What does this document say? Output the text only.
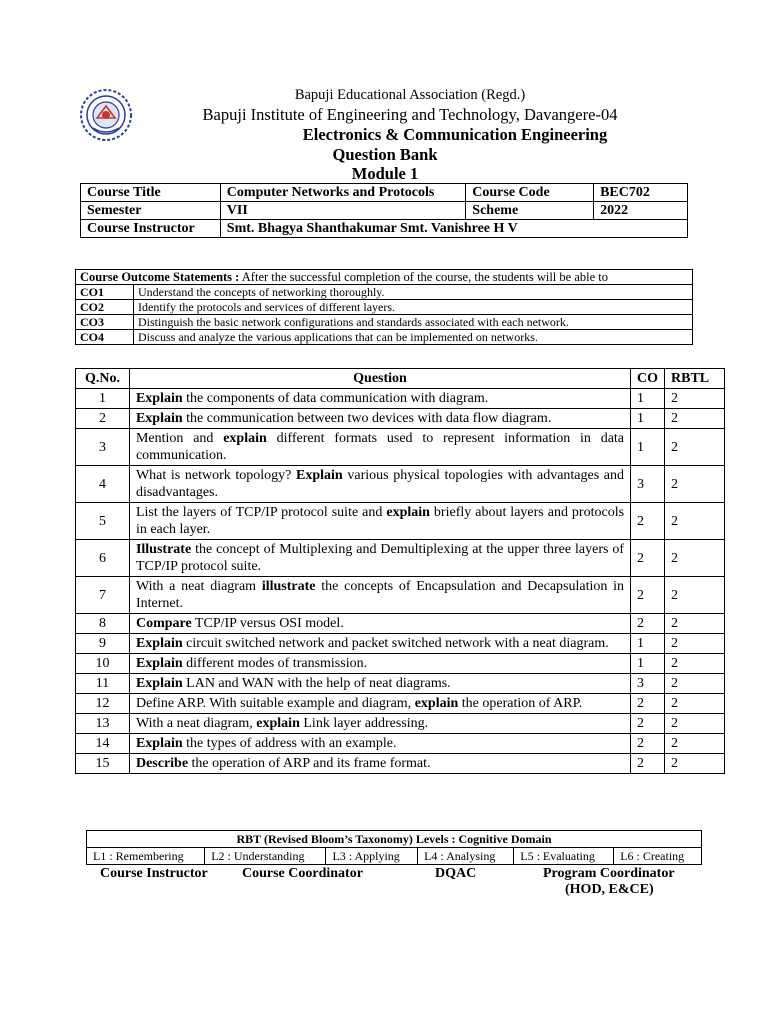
Bapuji Educational Association (Regd.)
Bapuji Institute of Engineering and Technology, Davangere-04
Electronics & Communication Engineering
Question Bank
Module 1
Course Title	Computer Networks and Protocols	Course Code	BEC702
Semester	VII	Scheme	2022
Course Instructor	Smt. Bhagya Shanthakumar Smt. Vanishree H V		
Course Outcome Statements : After the successful completion of the course, the students will be able to	
CO1	Understand the concepts of networking thoroughly.
CO2	Identify the protocols and services of different layers.
CO3	Distinguish the basic network configurations and standards associated with each network.
CO4	Discuss and analyze the various applications that can be implemented on networks.
Q.No.	Question	CO	RBTL
1	Explain the components of data communication with diagram.	1	2
2	Explain the communication between two devices with data flow diagram.	1	2
3	Mention and explain different formats used to represent information in data communication.	1	2
4	What is network topology? Explain various physical topologies with advantages and disadvantages.	3	2
5	List the layers of TCP/IP protocol suite and explain briefly about layers and protocols in each layer.	2	2
6	Illustrate the concept of Multiplexing and Demultiplexing at the upper three layers of TCP/IP protocol suite.	2	2
7	With a neat diagram illustrate the concepts of Encapsulation and Decapsulation in Internet.	2	2
8	Compare TCP/IP versus OSI model.	2	2
9	Explain circuit switched network and packet switched network with a neat diagram.	1	2
10	Explain different modes of transmission.	1	2
11	Explain LAN and WAN with the help of neat diagrams.	3	2
12	Define ARP. With suitable example and diagram, explain the operation of ARP.	2	2
13	With a neat diagram, explain Link layer addressing.	2	2
14	Explain the types of address with an example.	2	2
15	Describe the operation of ARP and its frame format.	2	2
RBT (Revised Bloom’s Taxonomy) Levels : Cognitive Domain
L1 : Remembering	L2 : Understanding	L3 : Applying	L4 : Analysing	L5 : Evaluating	L6 : Creating
Course Instructor Course Coordinator	DQAC	Program Coordinator
(HOD, E&CE)
